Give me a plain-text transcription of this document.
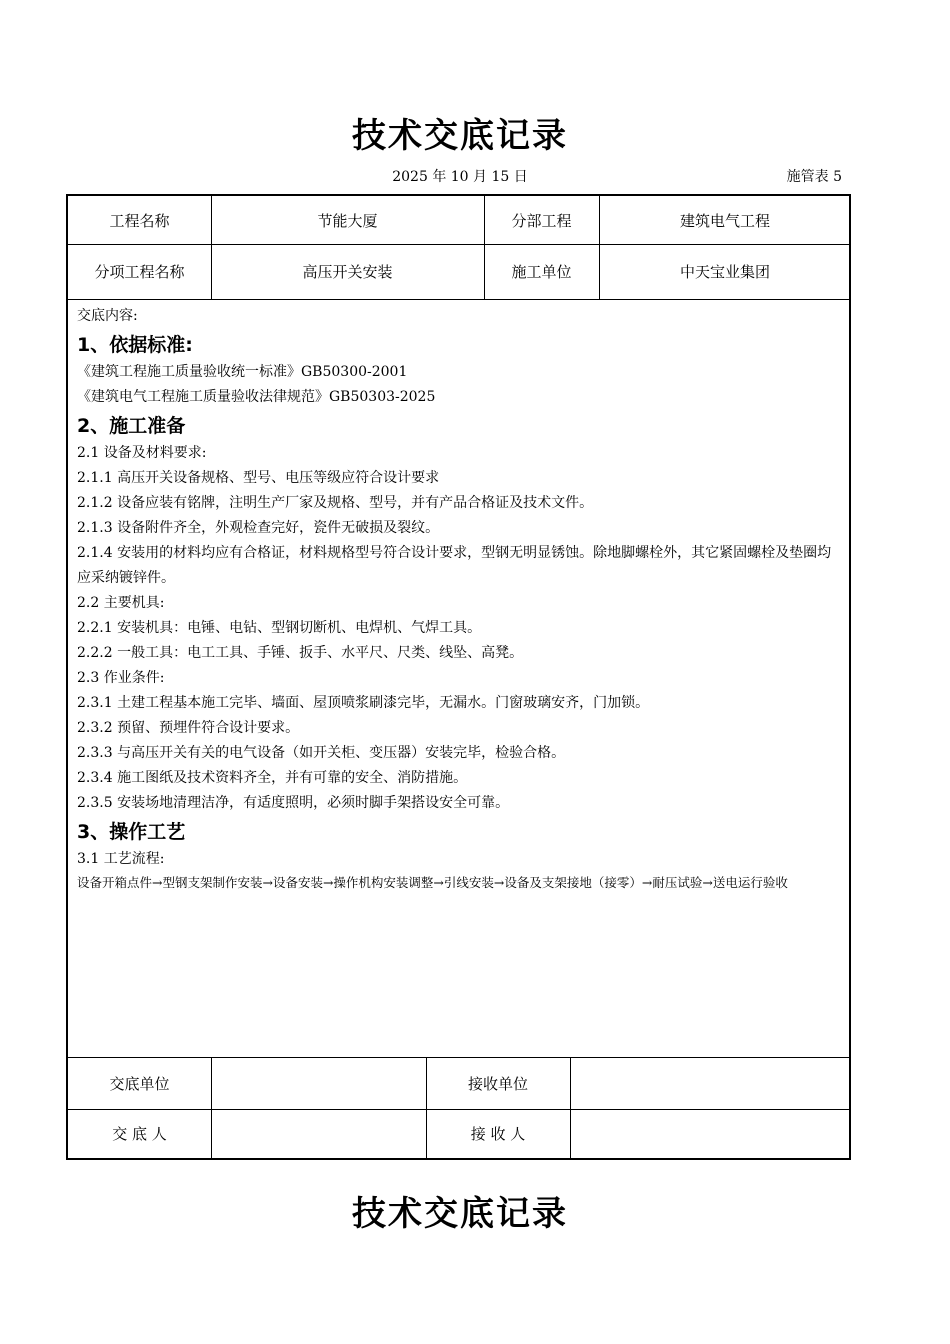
技术交底记录
2025 年 10 月 15 日	施管表 5
工程名称	节能大厦	分部工程	建筑电气工程
分项工程名称	高压开关安装	施工单位	中天宝业集团
交底内容:
1、依据标准:
《建筑工程施工质量验收统一标准》GB50300-2001
《建筑电气工程施工质量验收法律规范》GB50303-2025
2、施工准备
2.1 设备及材料要求:
2.1.1 高压开关设备规格、型号、电压等级应符合设计要求
2.1.2 设备应装有铭牌，注明生产厂家及规格、型号，并有产品合格证及技术文件。
2.1.3 设备附件齐全，外观检查完好，瓷件无破损及裂纹。
2.1.4 安装用的材料均应有合格证，材料规格型号符合设计要求，型钢无明显锈蚀。除地脚螺栓外，其它紧固螺栓及垫圈均应采纳镀锌件。
2.2 主要机具:
2.2.1 安装机具：电锤、电钻、型钢切断机、电焊机、气焊工具。
2.2.2 一般工具：电工工具、手锤、扳手、水平尺、尺类、线坠、高凳。
2.3 作业条件:
2.3.1 土建工程基本施工完毕、墙面、屋顶喷浆刷漆完毕，无漏水。门窗玻璃安齐，门加锁。
2.3.2 预留、预埋件符合设计要求。
2.3.3 与高压开关有关的电气设备（如开关柜、变压器）安装完毕，检验合格。
2.3.4 施工图纸及技术资料齐全，并有可靠的安全、消防措施。
2.3.5 安装场地清理洁净，有适度照明，必须时脚手架搭设安全可靠。
3、操作工艺
3.1 工艺流程:
设备开箱点件→型钢支架制作安装→设备安装→操作机构安装调整→引线安装→设备及支架接地（接零）→耐压试验→送电运行验收
交底单位	接收单位
交 底 人	接 收 人
技术交底记录
